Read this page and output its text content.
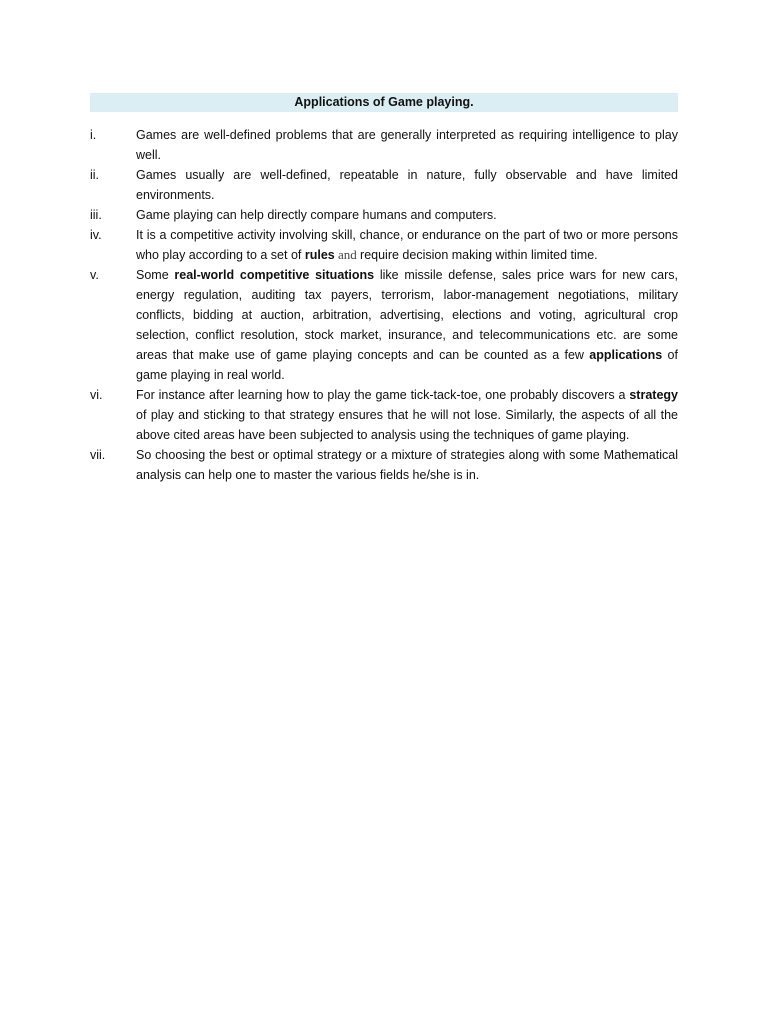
Applications of Game playing.
i.	Games are well-defined problems that are generally interpreted as requiring intelligence to play well.
ii.	Games usually are well-defined, repeatable in nature, fully observable and have limited environments.
iii.	Game playing can help directly compare humans and computers.
iv.	It is a competitive activity involving skill, chance, or endurance on the part of two or more persons who play according to a set of rules and require decision making within limited time.
v.	Some real-world competitive situations like missile defense, sales price wars for new cars, energy regulation, auditing tax payers, terrorism, labor-management negotiations, military conflicts, bidding at auction, arbitration, advertising, elections and voting, agricultural crop selection, conflict resolution, stock market, insurance, and telecommunications etc. are some areas that make use of game playing concepts and can be counted as a few applications of game playing in real world.
vi.	For instance after learning how to play the game tick-tack-toe, one probably discovers a strategy of play and sticking to that strategy ensures that he will not lose. Similarly, the aspects of all the above cited areas have been subjected to analysis using the techniques of game playing.
vii.	So choosing the best or optimal strategy or a mixture of strategies along with some Mathematical analysis can help one to master the various fields he/she is in.
